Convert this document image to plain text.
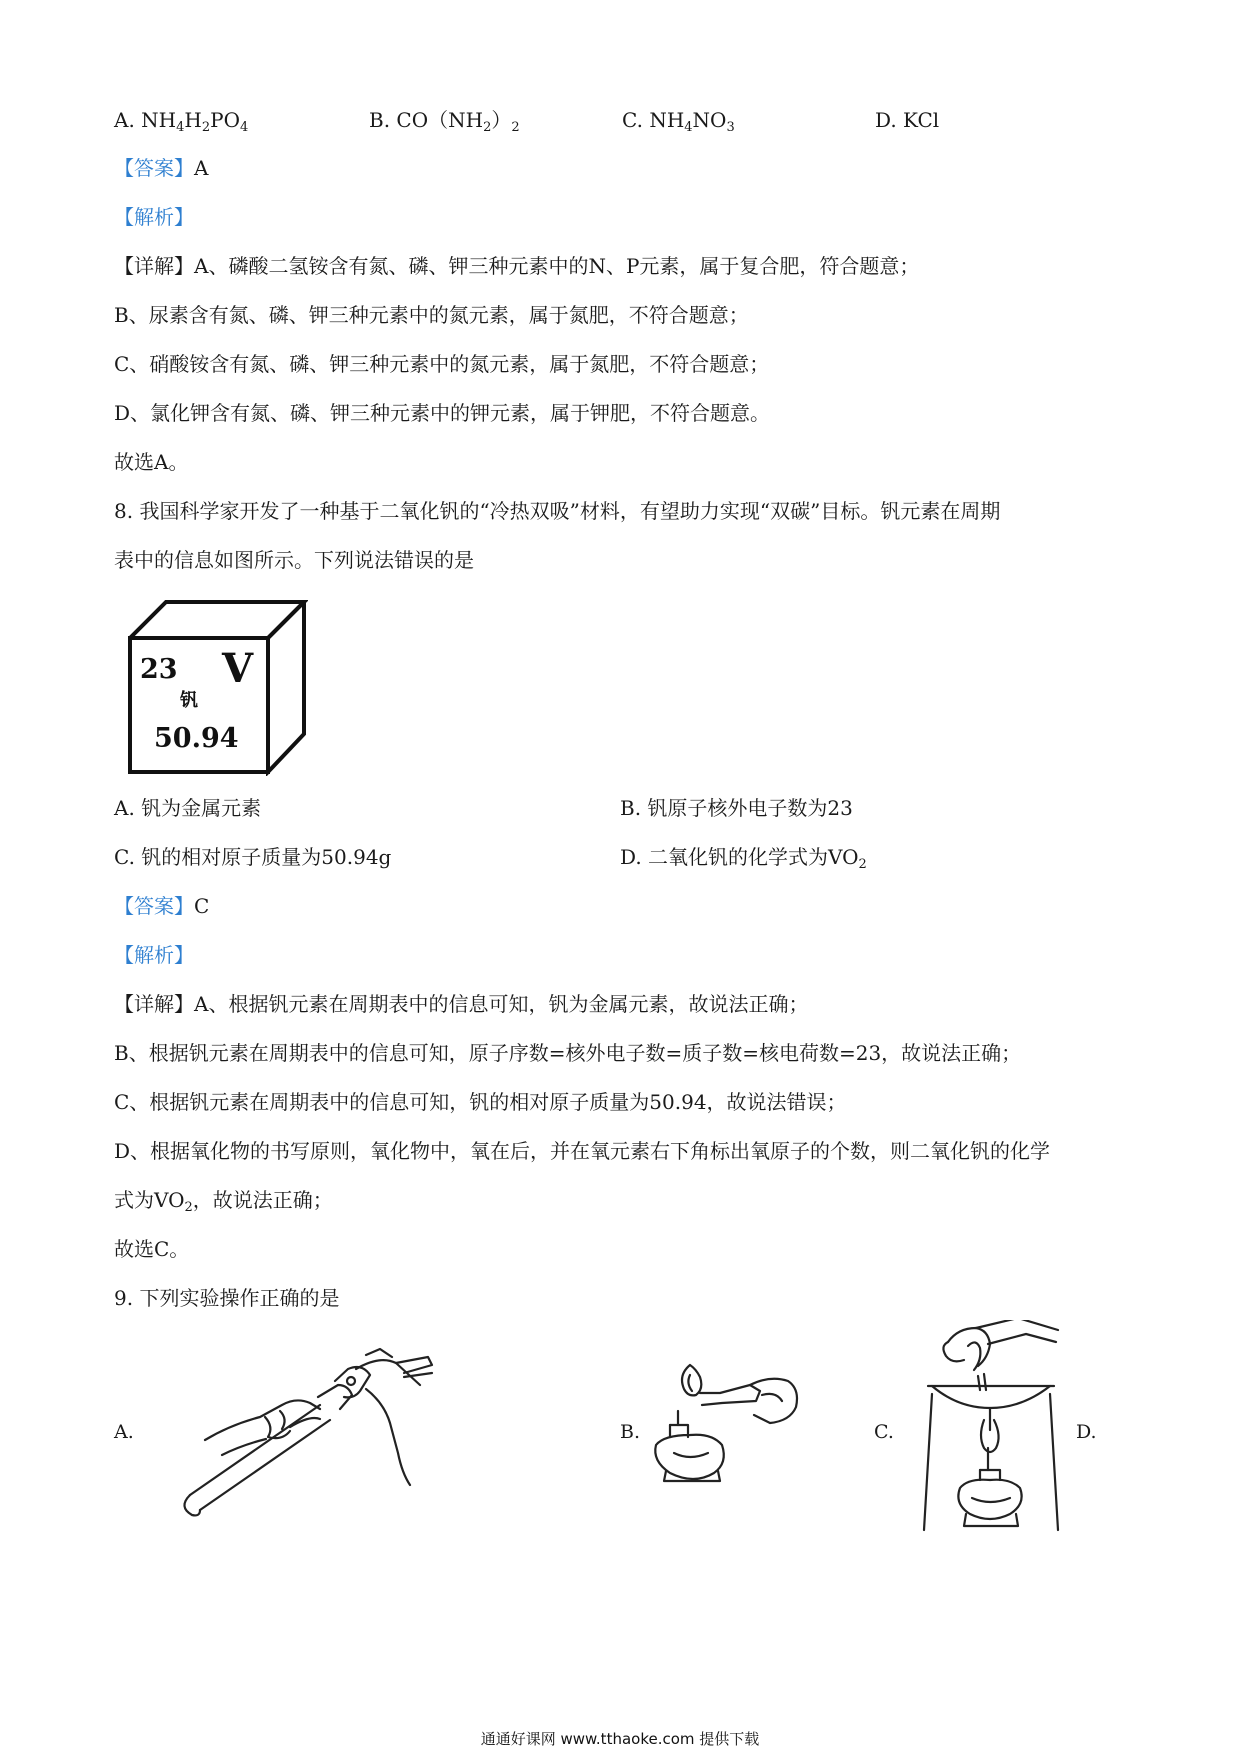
A. $NH_4H_2PO_4$	B. $CO(NH_2)_2$	C. $NH_4NO_3$	D. KCl
【答案】A
【解析】
【详解】A、磷酸二氢铵含有氮、磷、钾三种元素中的N、P元素，属于复合肥，符合题意；
B、尿素含有氮、磷、钾三种元素中的氮元素，属于氮肥，不符合题意；
C、硝酸铵含有氮、磷、钾三种元素中的氮元素，属于氮肥，不符合题意；
D、氯化钾含有氮、磷、钾三种元素中的钾元素，属于钾肥，不符合题意。
故选A。
8. 我国科学家开发了一种基于二氧化钒的“冷热双吸”材料，有望助力实现“双碳”目标。钒元素在周期
表中的信息如图所示。下列说法错误的是
23 V
钒
50.94
A. 钒为金属元素	B. 钒原子核外电子数为23
C. 钒的相对原子质量为50.94g	D. 二氧化钒的化学式为$VO_2$
【答案】C
【解析】
【详解】A、根据钒元素在周期表中的信息可知，钒为金属元素，故说法正确；
B、根据钒元素在周期表中的信息可知，原子序数=核外电子数=质子数=核电荷数=23，故说法正确；
C、根据钒元素在周期表中的信息可知，钒的相对原子质量为50.94，故说法错误；
D、根据氧化物的书写原则，氧化物中，氧在后，并在氧元素右下角标出氧原子的个数，则二氧化钒的化学
式为$VO_2$，故说法正确；
故选C。
9. 下列实验操作正确的是
A.	B.	C.	D.
通通好课网 www.tthaoke.com 提供下载
